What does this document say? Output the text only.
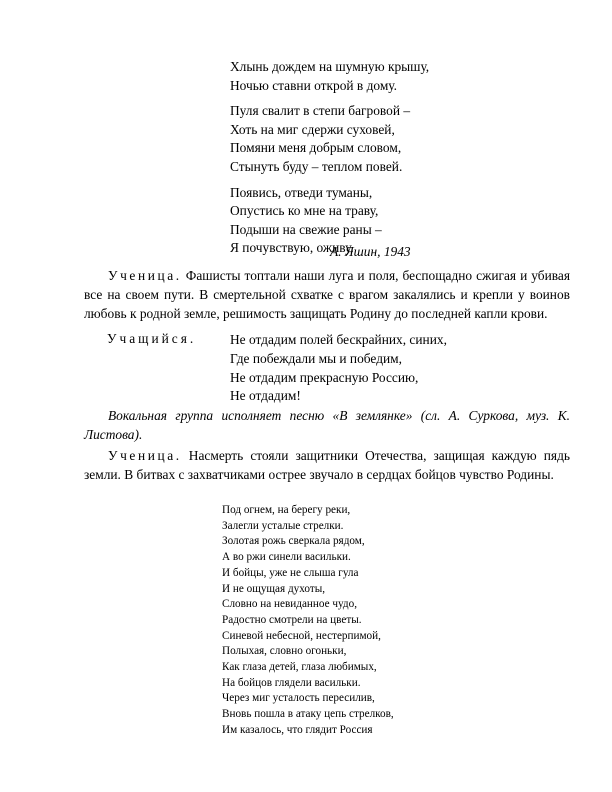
Хлынь дождем на шумную крышу,
Ночью ставни открой в дому.
Пуля свалит в степи багровой –
Хоть на миг сдержи суховей,
Помяни меня добрым словом,
Стынуть буду – теплом повей.
Появись, отведи туманы,
Опустись ко мне на траву,
Подыши на свежие раны –
Я почувствую, оживу.
А. Яшин, 1943

Ученица. Фашисты топтали наши луга и поля, беспощадно сжигая и убивая все на своем пути. В смертельной схватке с врагом закалялись и крепли у воинов любовь к родной земле, решимость защищать Родину до последней капли крови.

Учащийся.	Не отдадим полей бескрайних, синих,
Где побеждали мы и победим,
Не отдадим прекрасную Россию,
Не отдадим!

Вокальная группа исполняет песню «В землянке» (сл. А. Суркова, муз. К. Листова).

Ученица. Насмерть стояли защитники Отечества, защищая каждую пядь земли. В битвах с захватчиками острее звучало в сердцах бойцов чувство Родины.

Под огнем, на берегу реки,
Залегли усталые стрелки.
Золотая рожь сверкала рядом,
А во ржи синели васильки.
И бойцы, уже не слыша гула
И не ощущая духоты,
Словно на невиданное чудо,
Радостно смотрели на цветы.
Синевой небесной, нестерпимой,
Полыхая, словно огоньки,
Как глаза детей, глаза любимых,
На бойцов глядели васильки.
Через миг усталость пересилив,
Вновь пошла в атаку цепь стрелков,
Им казалось, что глядит Россия
